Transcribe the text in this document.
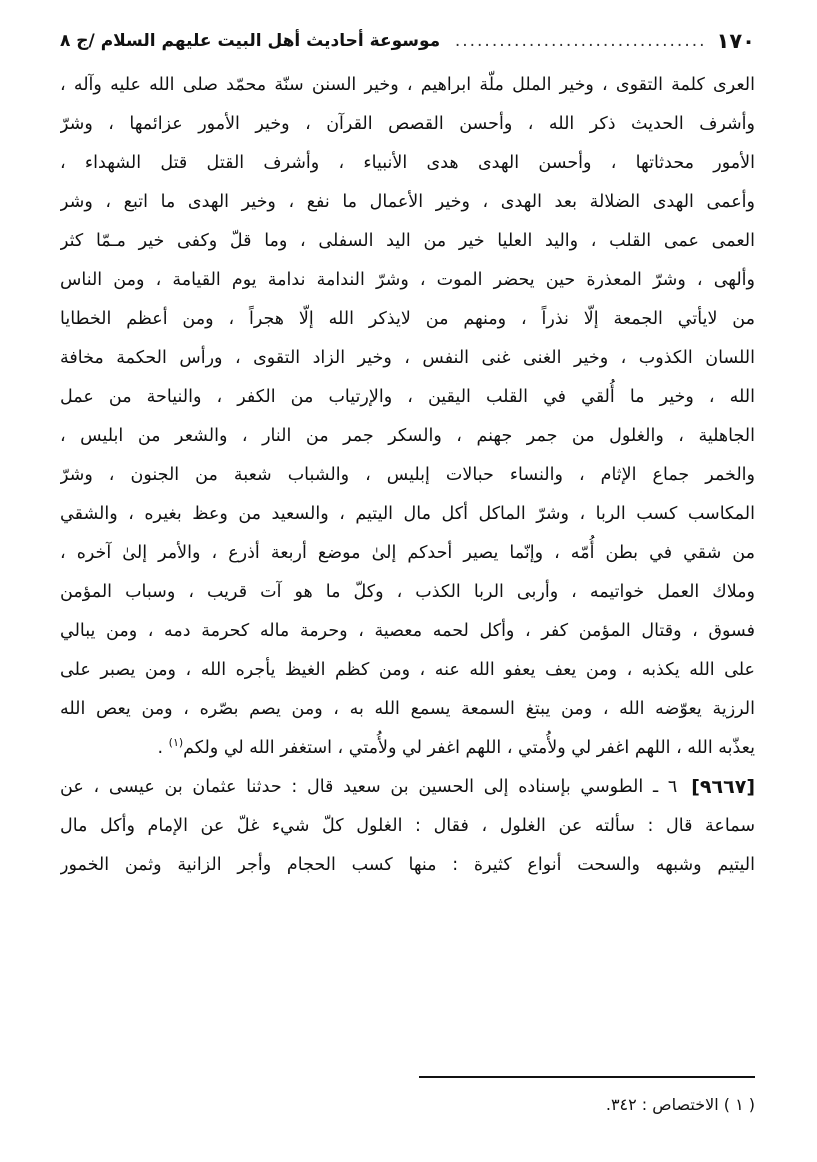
١٧٠
..................................
موسوعة أحاديث أهل البيت عليهم السلام /ج ٨
العرى كلمة التقوى ، وخير الملل ملّة ابراهيم ، وخير السنن سنّة محمّد صلى الله عليه وآله ،
وأشرف الحديث ذكر الله ، وأحسن القصص القرآن ، وخير الأمور عزائمها ، وشرّ
الأمور محدثاتها ، وأحسن الهدى هدى الأنبياء ، وأشرف القتل قتل الشهداء ،
وأعمى الهدى الضلالة بعد الهدى ، وخير الأعمال ما نفع ، وخير الهدى ما اتبع ، وشر
العمى عمى القلب ، واليد العليا خير من اليد السفلى ، وما قلّ وكفى خير مـمّا كثر
وألهى ، وشرّ المعذرة حين يحضر الموت ، وشرّ الندامة ندامة يوم القيامة ، ومن الناس
من لايأتي الجمعة إلّا نذراً ، ومنهم من لايذكر الله إلّا هجراً ، ومن أعظم الخطايا
اللسان الكذوب ، وخير الغنى غنى النفس ، وخير الزاد التقوى ، ورأس الحكمة مخافة
الله ، وخير ما أُلقي في القلب اليقين ، والإرتياب من الكفر ، والنياحة من عمل
الجاهلية ، والغلول من جمر جهنم ، والسكر جمر من النار ، والشعر من ابليس ،
والخمر جماع الإثام ، والنساء حبالات إبليس ، والشباب شعبة من الجنون ، وشرّ
المكاسب كسب الربا ، وشرّ الماكل أكل مال اليتيم ، والسعيد من وعظ بغيره ، والشقي
من شقي في بطن أُمّه ، وإنّما يصير أحدكم إلىٰ موضع أربعة أذرع ، والأمر إلىٰ آخره ،
وملاك العمل خواتيمه ، وأربى الربا الكذب ، وكلّ ما هو آت قريب ، وسباب المؤمن
فسوق ، وقتال المؤمن كفر ، وأكل لحمه معصية ، وحرمة ماله كحرمة دمه ، ومن يبالي
على الله يكذبه ، ومن يعف يعفو الله عنه ، ومن كظم الغيظ يأجره الله ، ومن يصبر على
الرزية يعوّضه الله ، ومن يبتغ السمعة يسمع الله به ، ومن يصم بصّره ، ومن يعص الله
يعذّبه الله ، اللهم اغفر لي ولأُمتي ، اللهم اغفر لي ولأُمتي ، استغفر الله لي ولكم$^{(١)}$ .
[٩٦٦٧]
٦ ـ الطوسي بإسناده إلى الحسين بن سعيد قال : حدثنا عثمان بن عيسى ، عن
سماعة قال : سألته عن الغلول ، فقال : الغلول كلّ شيء غلّ عن الإمام وأكل مال
اليتيم وشبهه والسحت أنواع كثيرة : منها كسب الحجام وأجر الزانية وثمن الخمور
( ١ ) الاختصاص : ٣٤٢.
